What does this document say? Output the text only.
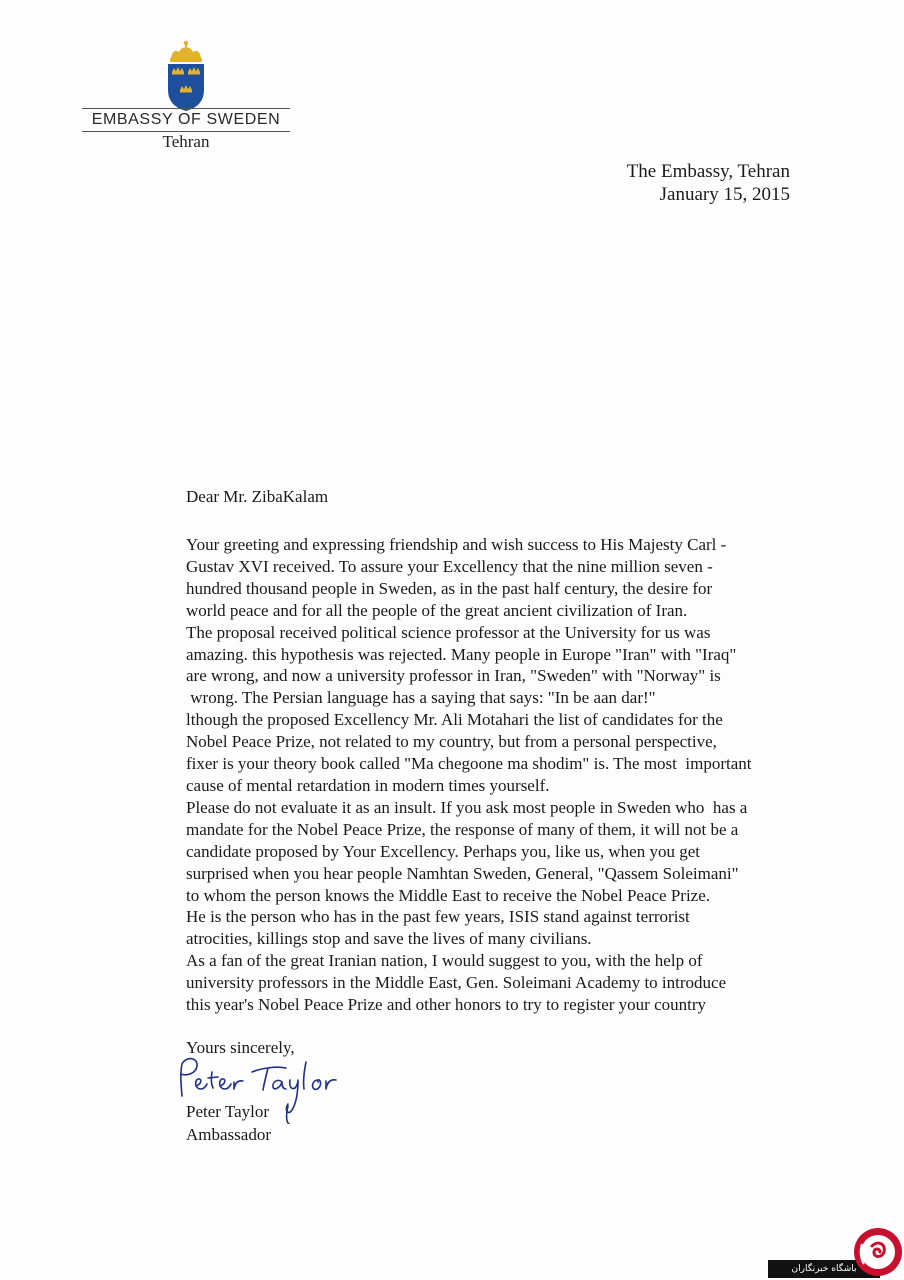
EMBASSY OF SWEDEN
Tehran
The Embassy, Tehran
January 15, 2015
Dear Mr. ZibaKalam
Your greeting and expressing friendship and wish success to His Majesty Carl -
Gustav XVI received. To assure your Excellency that the nine million seven -
hundred thousand people in Sweden, as in the past half century, the desire for
world peace and for all the people of the great ancient civilization of Iran.
The proposal received political science professor at the University for us was
amazing. this hypothesis was rejected. Many people in Europe "Iran" with "Iraq"
are wrong, and now a university professor in Iran, "Sweden" with "Norway" is
wrong. The Persian language has a saying that says: "In be aan dar!"
lthough the proposed Excellency Mr. Ali Motahari the list of candidates for the
Nobel Peace Prize, not related to my country, but from a personal perspective,
fixer is your theory book called "Ma chegoone ma shodim" is. The most  important
cause of mental retardation in modern times yourself.
Please do not evaluate it as an insult. If you ask most people in Sweden who  has a
mandate for the Nobel Peace Prize, the response of many of them, it will not be a
candidate proposed by Your Excellency. Perhaps you, like us, when you get
surprised when you hear people Namhtan Sweden, General, "Qassem Soleimani"
to whom the person knows the Middle East to receive the Nobel Peace Prize.
He is the person who has in the past few years, ISIS stand against terrorist
atrocities, killings stop and save the lives of many civilians.
As a fan of the great Iranian nation, I would suggest to you, with the help of
university professors in the Middle East, Gen. Soleimani Academy to introduce
this year's Nobel Peace Prize and other honors to try to register your country
Yours sincerely,
Peter Taylor
Ambassador
باشگاه خبرنگاران
